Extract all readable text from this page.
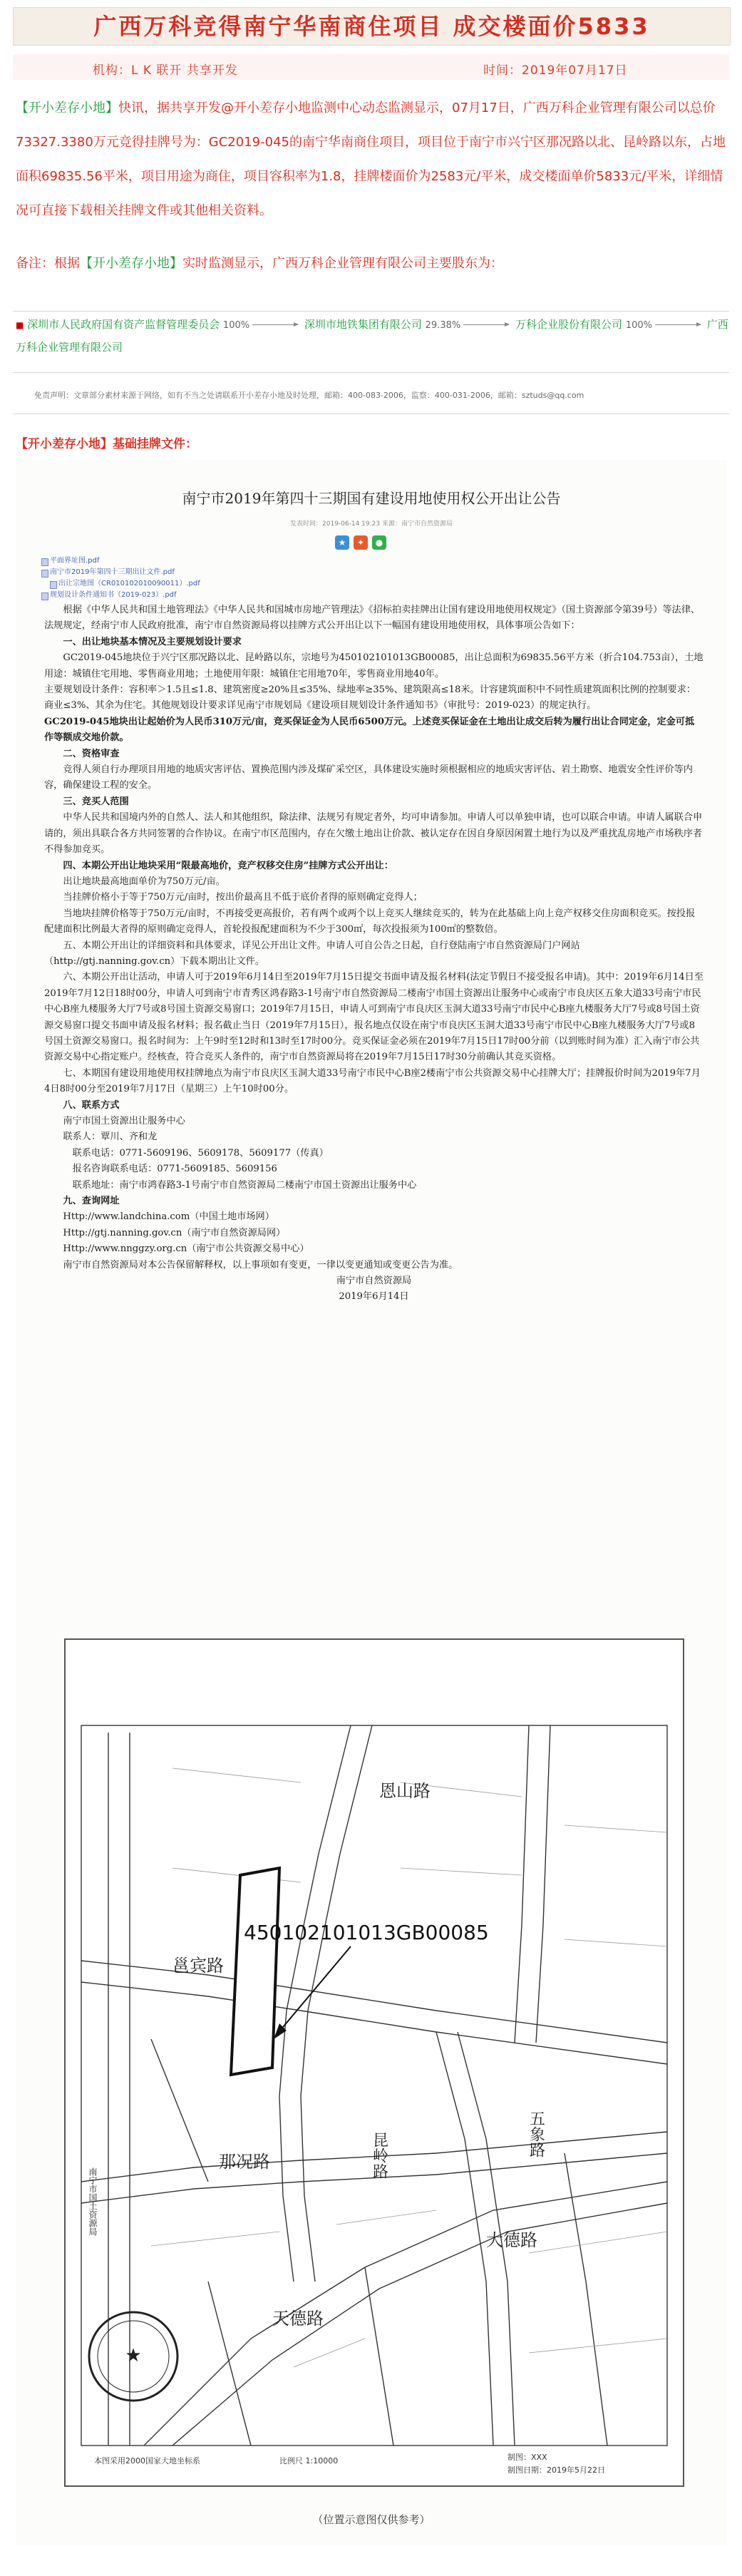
广西万科竞得南宁华南商住项目 成交楼面价5833
机构：L K 联开 共享开发	时间：2019年07月17日
【开小差存小地】快讯，据共享开发@开小差存小地监测中心动态监测显示，07月17日，广西万科企业管理有限公司以总价73327.3380万元竞得挂牌号为：GC2019-045的南宁华南商住项目，项目位于南宁市兴宁区那况路以北、昆岭路以东，占地面积69835.56平米，项目用途为商住，项目容积率为1.8，挂牌楼面价为2583元/平米，成交楼面单价5833元/平米，详细情况可直接下载相关挂牌文件或其他相关资料。
备注：根据【开小差存小地】实时监测显示，广西万科企业管理有限公司主要股东为：
■ 深圳市人民政府国有资产监督管理委员会 100%	深圳市地铁集团有限公司 29.38%	万科企业股份有限公司 100%	广西万科企业管理有限公司
免责声明：文章部分素材来源于网络，如有不当之处请联系开小差存小地及时处理，邮箱：400-083-2006，监察：400-031-2006，邮箱：sztuds@qq.com
【开小差存小地】基础挂牌文件：
南宁市2019年第四十三期国有建设用地使用权公开出让公告
发表时间：2019-06-14 19:23 来源：南宁市自然资源局
★ ✦ ●
平面界址图.pdf
南宁市2019年第四十三期出让文件.pdf
出让宗地图（CR010102010090011）.pdf
规划设计条件通知书（2019-023）.pdf

根据《中华人民共和国土地管理法》《中华人民共和国城市房地产管理法》《招标拍卖挂牌出让国有建设用地使用权规定》（国土资源部令第39号）等法律、法规规定，经南宁市人民政府批准，南宁市自然资源局将以挂牌方式公开出让以下一幅国有建设用地使用权，具体事项公告如下：

一、出让地块基本情况及主要规划设计要求

GC2019-045地块位于兴宁区那况路以北、昆岭路以东，宗地号为450102101013GB00085，出让总面积为69835.56平方米（折合104.753亩），土地用途：城镇住宅用地、零售商业用地；土地使用年限：城镇住宅用地70年，零售商业用地40年。

主要规划设计条件：容积率＞1.5且≤1.8、建筑密度≥20%且≤35%、绿地率≥35%、建筑限高≤18米。计容建筑面积中不同性质建筑面积比例的控制要求：商业≤3%、其余为住宅。其他规划设计要求详见南宁市规划局《建设项目规划设计条件通知书》（审批号：2019-023）的规定执行。

GC2019-045地块出让起始价为人民币310万元/亩，竞买保证金为人民币6500万元。上述竞买保证金在土地出让成交后转为履行出让合同定金，定金可抵作等额成交地价款。

二、资格审查

竞得人须自行办理项目用地的地质灾害评估、置换范围内涉及煤矿采空区，具体建设实施时须根据相应的地质灾害评估、岩土勘察、地震安全性评价等内容，确保建设工程的安全。

三、竞买人范围

中华人民共和国境内外的自然人、法人和其他组织，除法律、法规另有规定者外，均可申请参加。申请人可以单独申请，也可以联合申请。申请人属联合申请的，须出具联合各方共同签署的合作协议。在南宁市区范围内，存在欠缴土地出让价款、被认定存在因自身原因闲置土地行为以及严重扰乱房地产市场秩序者不得参加竞买。

四、本期公开出让地块采用“限最高地价，竞产权移交住房”挂牌方式公开出让：

出让地块最高地面单价为750万元/亩。

当挂牌价格小于等于750万元/亩时，按出价最高且不低于底价者得的原则确定竞得人；

当地块挂牌价格等于750万元/亩时，不再接受更高报价，若有两个或两个以上竞买人继续竞买的，转为在此基础上向上竞产权移交住房面积竞买。按投报配建面积比例最大者得的原则确定竞得人，首轮投报配建面积为不少于300㎡，每次投报须为100㎡的整数倍。

五、本期公开出让的详细资料和具体要求，详见公开出让文件。申请人可自公告之日起，自行登陆南宁市自然资源局门户网站（http://gtj.nanning.gov.cn）下载本期出让文件。

六、本期公开出让活动，申请人可于2019年6月14日至2019年7月15日提交书面申请及报名材料(法定节假日不接受报名申请)。其中：2019年6月14日至2019年7月12日18时00分，申请人可到南宁市青秀区鸿春路3-1号南宁市自然资源局二楼南宁市国土资源出让服务中心或南宁市良庆区五象大道33号南宁市民中心B座九楼服务大厅7号或8号国土资源交易窗口；2019年7月15日，申请人可到南宁市良庆区玉洞大道33号南宁市民中心B座九楼服务大厅7号或8号国土资源交易窗口提交书面申请及报名材料；报名截止当日（2019年7月15日），报名地点仅设在南宁市良庆区玉洞大道33号南宁市民中心B座九楼服务大厅7号或8号国土资源交易窗口。报名时间为：上午9时至12时和13时至17时00分。竞买保证金必须在2019年7月15日17时00分前（以到账时间为准）汇入南宁市公共资源交易中心指定账户。经核查，符合竞买人条件的，南宁市自然资源局将在2019年7月15日17时30分前确认其竞买资格。

七、本期国有建设用地使用权挂牌地点为南宁市良庆区玉洞大道33号南宁市民中心B座2楼南宁市公共资源交易中心挂牌大厅；挂牌报价时间为2019年7月4日8时00分至2019年7月17日（星期三）上午10时00分。

八、联系方式

南宁市国土资源出让服务中心

联系人：覃川、齐和龙

　联系电话：0771-5609196、5609178、5609177（传真）

　报名咨询联系电话：0771-5609185、5609156

　联系地址：南宁市鸿春路3-1号南宁市自然资源局二楼南宁市国土资源出让服务中心

九、查询网址

Http://www.landchina.com（中国土地市场网）

Http://gtj.nanning.gov.cn（南宁市自然资源局网）

Http://www.nnggzy.org.cn（南宁市公共资源交易中心）

南宁市自然资源局对本公告保留解释权，以上事项如有变更，一律以变更通知或变更公告为准。

南宁市自然资源局

2019年6月14日

450102101013GB00085
恩山路
邕宾路
那况路
大德路
天德路
昆岭路	五象路
南宁市国土资源局
★
本图采用2000国家大地坐标系	比例尺 1:10000	制图：XXX
制图日期：2019年5月22日
（位置示意图仅供参考）
